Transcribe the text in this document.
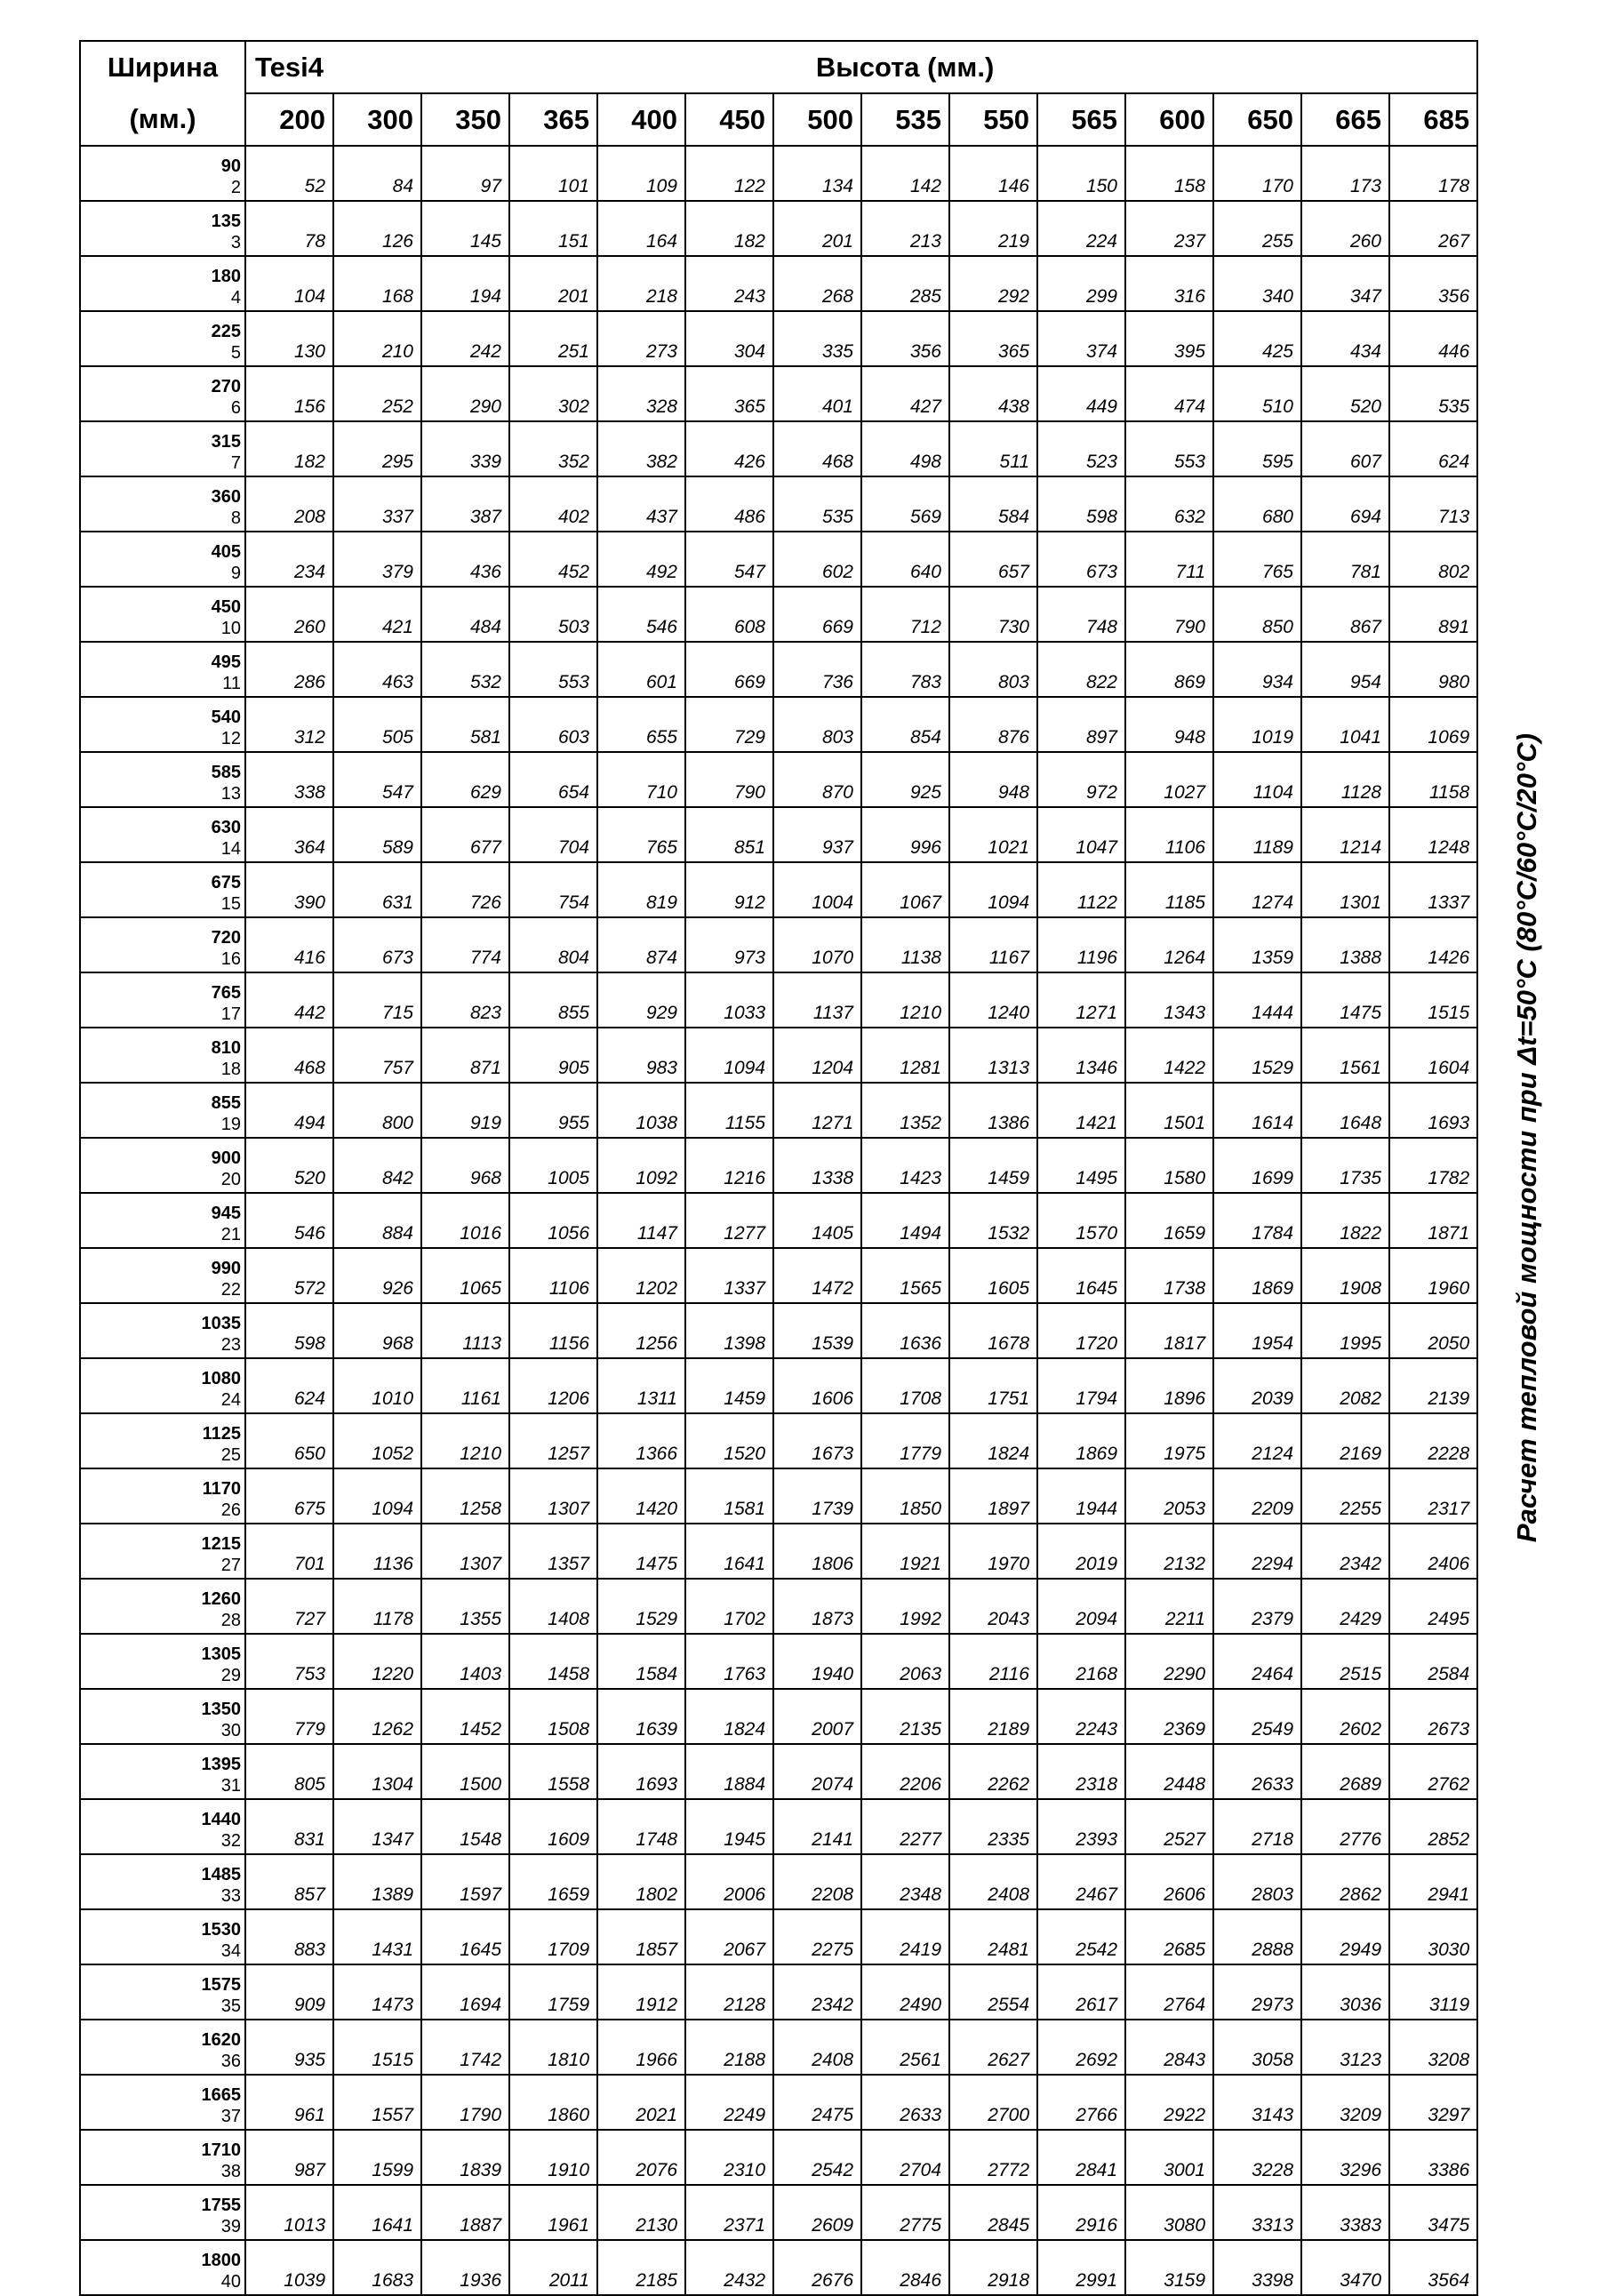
Ширина
(мм.)	Tesi4	Высота (мм.)												
	200	300	350	365	400	450	500	535	550	565	600	650	665	685

90
2	52	84	97	101	109	122	134	142	146	150	158	170	173	178

135
3	78	126	145	151	164	182	201	213	219	224	237	255	260	267

180
4	104	168	194	201	218	243	268	285	292	299	316	340	347	356

225
5	130	210	242	251	273	304	335	356	365	374	395	425	434	446

270
6	156	252	290	302	328	365	401	427	438	449	474	510	520	535

315
7	182	295	339	352	382	426	468	498	511	523	553	595	607	624

360
8	208	337	387	402	437	486	535	569	584	598	632	680	694	713

405
9	234	379	436	452	492	547	602	640	657	673	711	765	781	802

450
10	260	421	484	503	546	608	669	712	730	748	790	850	867	891

495
11	286	463	532	553	601	669	736	783	803	822	869	934	954	980

540
12	312	505	581	603	655	729	803	854	876	897	948	1019	1041	1069

585
13	338	547	629	654	710	790	870	925	948	972	1027	1104	1128	1158

630
14	364	589	677	704	765	851	937	996	1021	1047	1106	1189	1214	1248

675
15	390	631	726	754	819	912	1004	1067	1094	1122	1185	1274	1301	1337

720
16	416	673	774	804	874	973	1070	1138	1167	1196	1264	1359	1388	1426

765
17	442	715	823	855	929	1033	1137	1210	1240	1271	1343	1444	1475	1515

810
18	468	757	871	905	983	1094	1204	1281	1313	1346	1422	1529	1561	1604

855
19	494	800	919	955	1038	1155	1271	1352	1386	1421	1501	1614	1648	1693

900
20	520	842	968	1005	1092	1216	1338	1423	1459	1495	1580	1699	1735	1782

945
21	546	884	1016	1056	1147	1277	1405	1494	1532	1570	1659	1784	1822	1871

990
22	572	926	1065	1106	1202	1337	1472	1565	1605	1645	1738	1869	1908	1960

1035
23	598	968	1113	1156	1256	1398	1539	1636	1678	1720	1817	1954	1995	2050

1080
24	624	1010	1161	1206	1311	1459	1606	1708	1751	1794	1896	2039	2082	2139

1125
25	650	1052	1210	1257	1366	1520	1673	1779	1824	1869	1975	2124	2169	2228

1170
26	675	1094	1258	1307	1420	1581	1739	1850	1897	1944	2053	2209	2255	2317

1215
27	701	1136	1307	1357	1475	1641	1806	1921	1970	2019	2132	2294	2342	2406

1260
28	727	1178	1355	1408	1529	1702	1873	1992	2043	2094	2211	2379	2429	2495

1305
29	753	1220	1403	1458	1584	1763	1940	2063	2116	2168	2290	2464	2515	2584

1350
30	779	1262	1452	1508	1639	1824	2007	2135	2189	2243	2369	2549	2602	2673

1395
31	805	1304	1500	1558	1693	1884	2074	2206	2262	2318	2448	2633	2689	2762

1440
32	831	1347	1548	1609	1748	1945	2141	2277	2335	2393	2527	2718	2776	2852

1485
33	857	1389	1597	1659	1802	2006	2208	2348	2408	2467	2606	2803	2862	2941

1530
34	883	1431	1645	1709	1857	2067	2275	2419	2481	2542	2685	2888	2949	3030

1575
35	909	1473	1694	1759	1912	2128	2342	2490	2554	2617	2764	2973	3036	3119

1620
36	935	1515	1742	1810	1966	2188	2408	2561	2627	2692	2843	3058	3123	3208

1665
37	961	1557	1790	1860	2021	2249	2475	2633	2700	2766	2922	3143	3209	3297

1710
38	987	1599	1839	1910	2076	2310	2542	2704	2772	2841	3001	3228	3296	3386

1755
39	1013	1641	1887	1961	2130	2371	2609	2775	2845	2916	3080	3313	3383	3475

1800
40	1039	1683	1936	2011	2185	2432	2676	2846	2918	2991	3159	3398	3470	3564
Расчет тепловой мощности при Δt=50°C (80°C/60°C/20°C)
